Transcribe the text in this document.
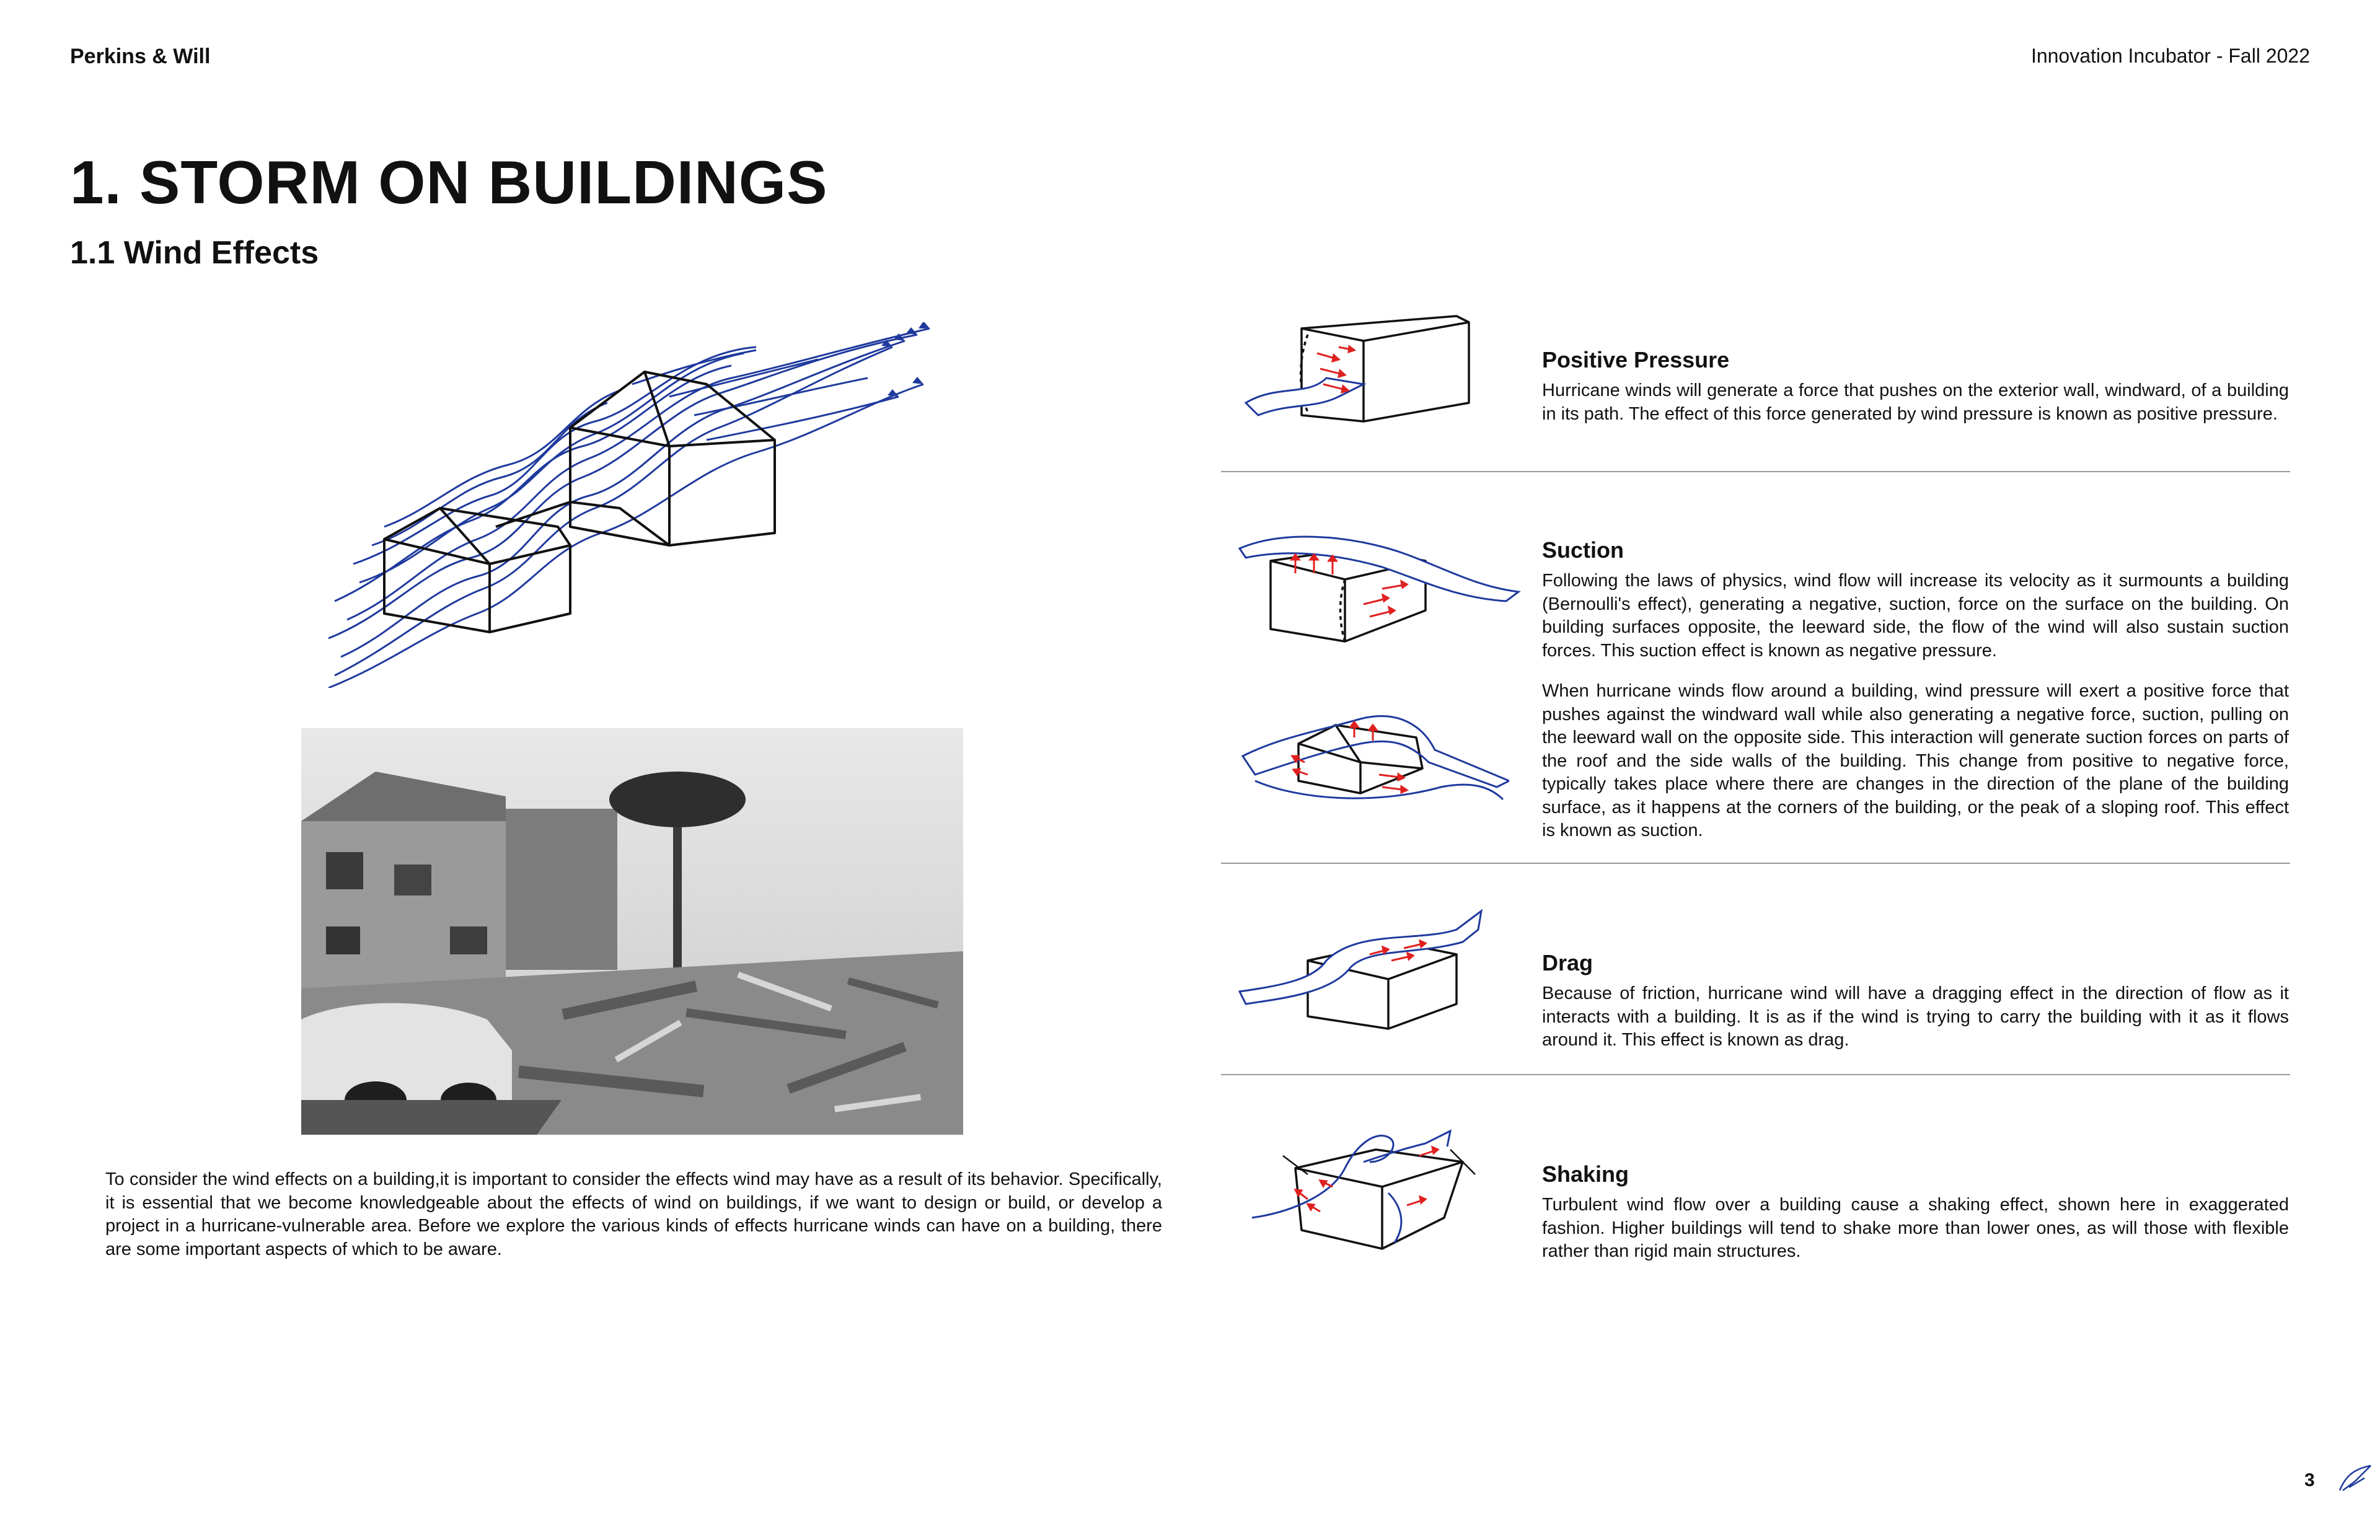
Perkins & Will	Innovation Incubator - Fall 2022
1. STORM ON BUILDINGS
1.1 Wind Effects

To consider the wind effects on a building,it is important to consider the effects wind may have as a result of its behavior. Specifically, it is essential that we become knowledgeable about the effects of wind on buildings, if we want to design or build, or develop a project in a hurricane-vulnerable area. Before we explore the various kinds of effects hurricane winds can have on a building, there are some important aspects of which to be aware.

Positive Pressure

Hurricane winds will generate a force that pushes on the exterior wall, windward, of a building in its path. The effect of this force generated by wind pressure is known as positive pressure.

Suction

Following the laws of physics, wind flow will increase its velocity as it surmounts a building (Bernoulli's effect), generating a negative, suction, force on the surface on the building. On building surfaces opposite, the leeward side, the flow of the wind will also sustain suction forces. This suction effect is known as negative pressure.

When hurricane winds flow around a building, wind pressure will exert a positive force that pushes against the windward wall while also generating a negative force, suction, pulling on the leeward wall on the opposite side. This interaction will generate suction forces on parts of the roof and the side walls of the building. This change from positive to negative force, typically takes place where there are changes in the direction of the plane of the building surface, as it happens at the corners of the building, or the peak of a sloping roof. This effect is known as suction.

Drag

Because of friction, hurricane wind will have a dragging effect in the direction of flow as it interacts with a building. It is as if the wind is trying to carry the building with it as it flows around it. This effect is known as drag.

Shaking

Turbulent wind flow over a building cause a shaking effect, shown here in exaggerated fashion. Higher buildings will tend to shake more than lower ones, as will those with flexible rather than rigid main structures.

3
